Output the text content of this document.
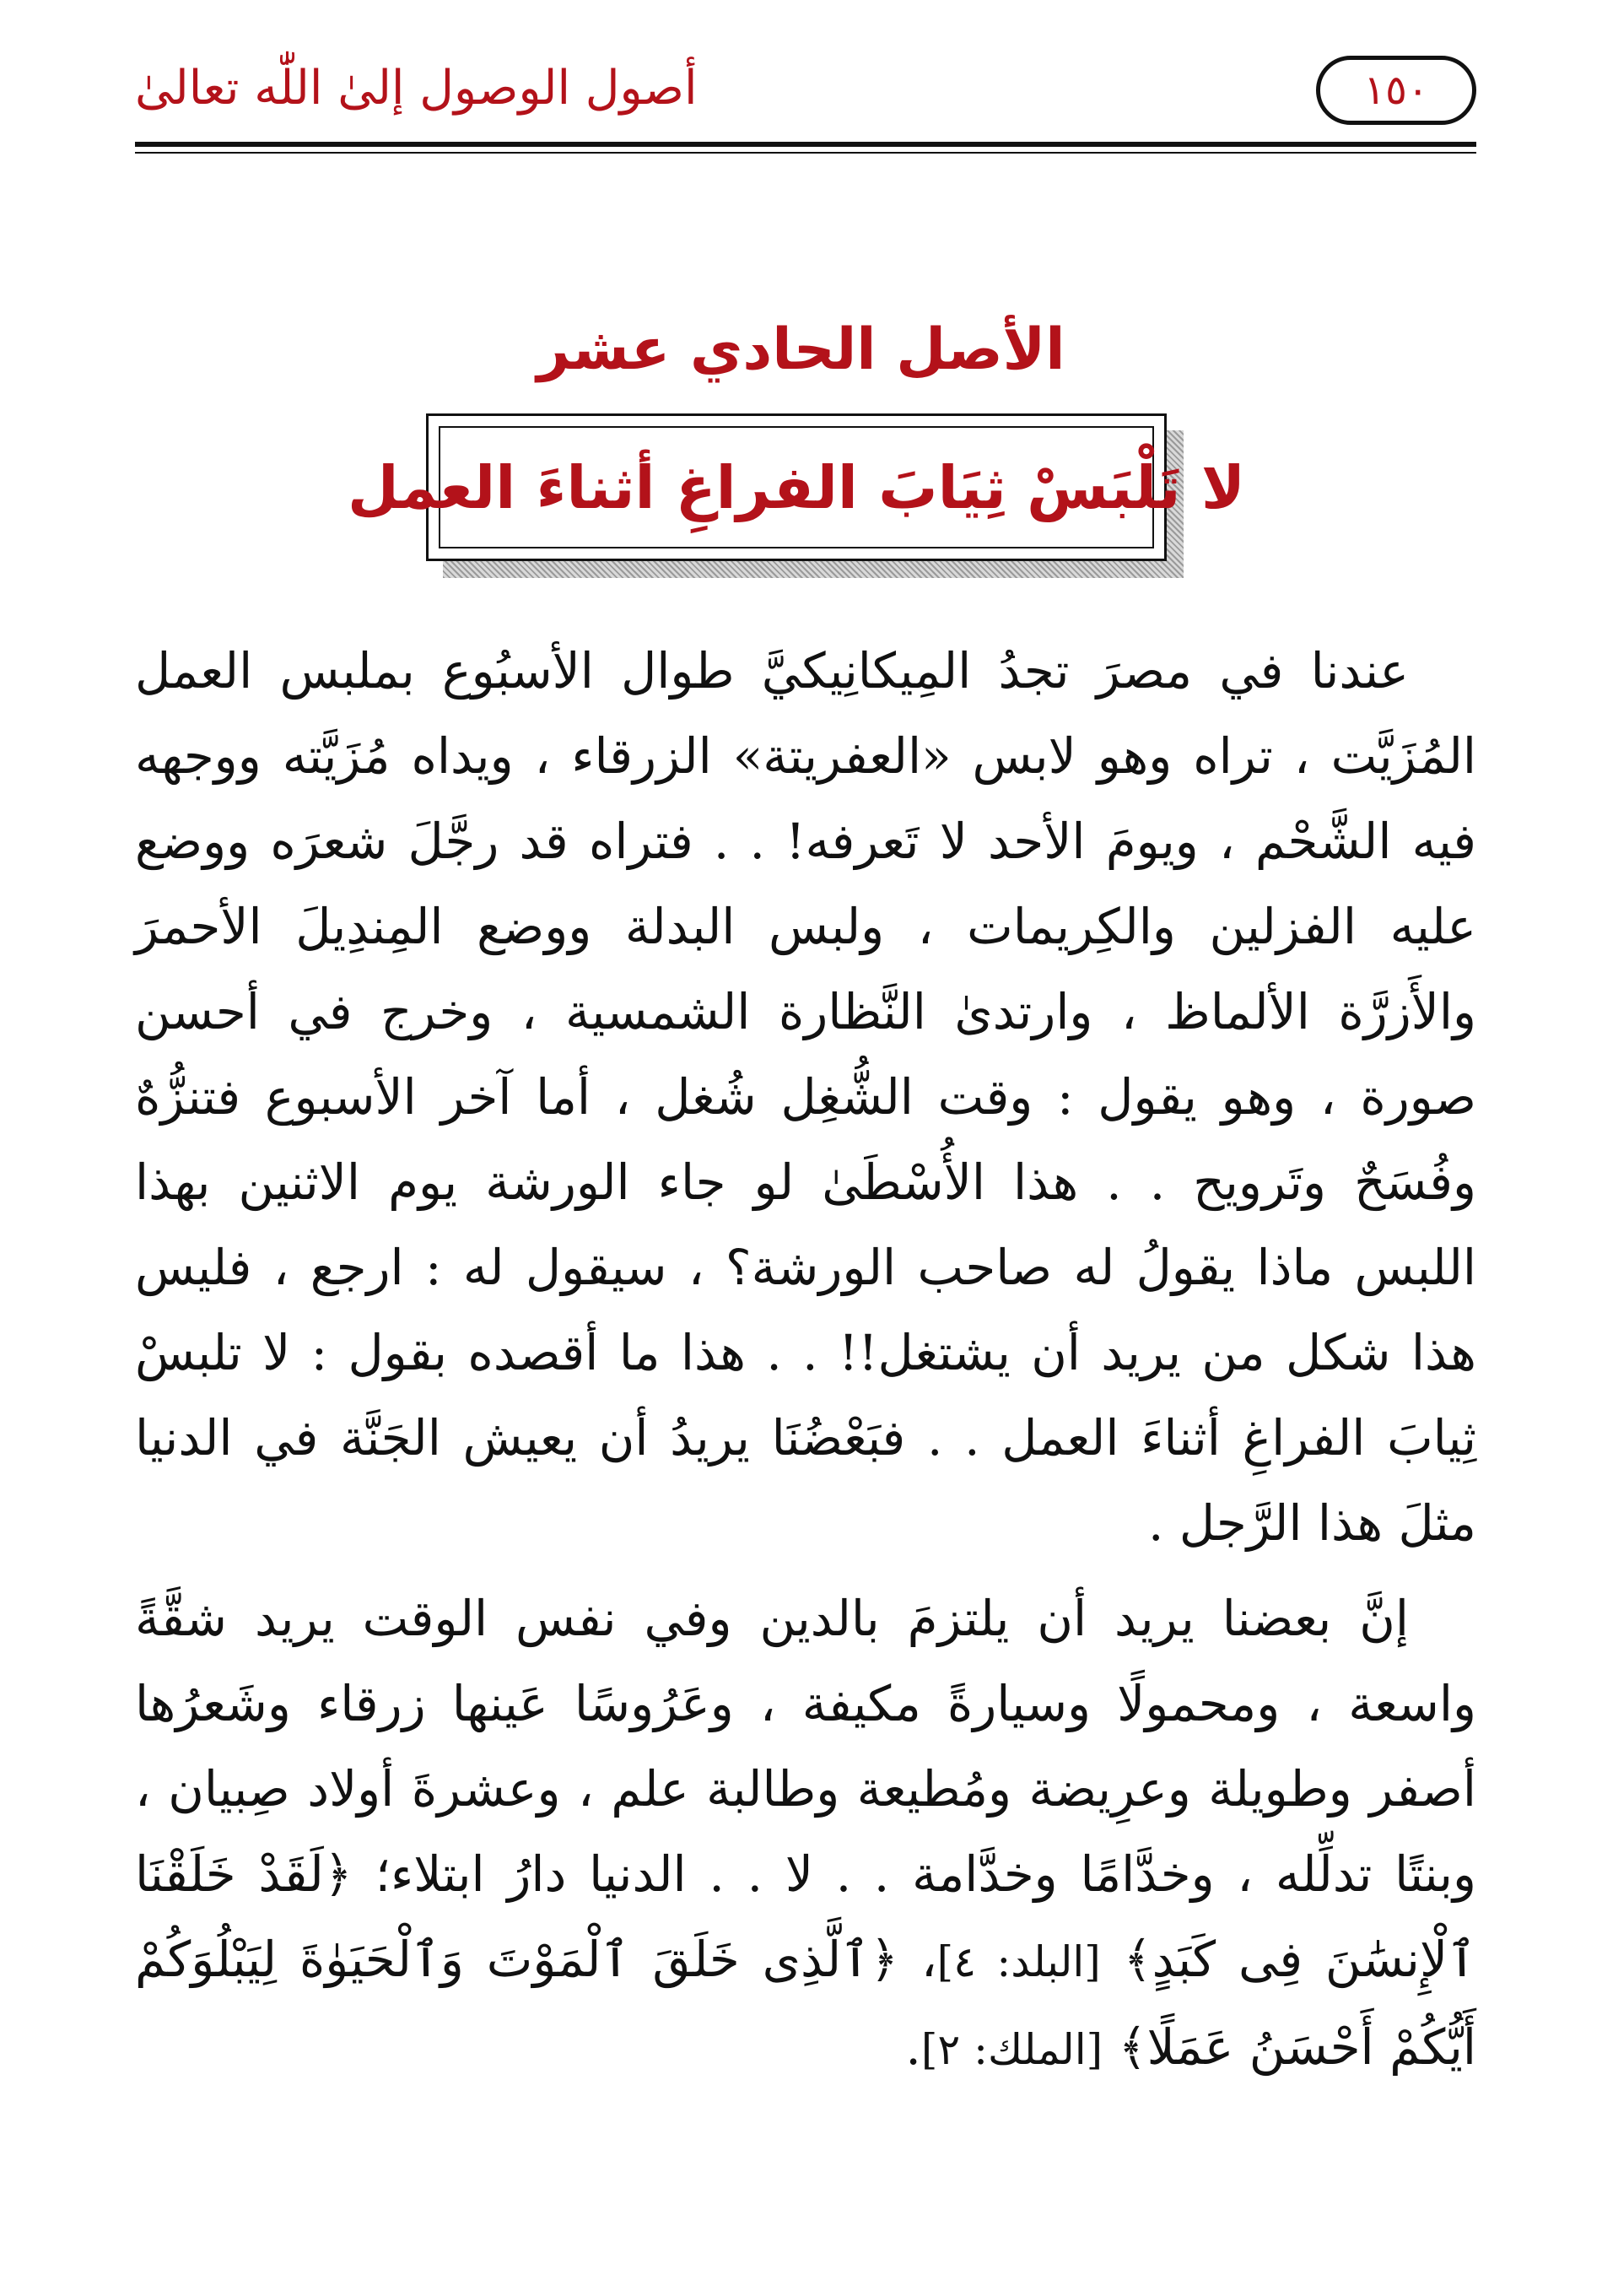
أصول الوصول إلىٰ اللّٰه تعالىٰ	١٥٠
الأصل الحادي عشر
لا تَلْبَسْ ثِيَابَ الفراغِ أثناءَ العمل

عندنا في مصرَ تجدُ المِيكانِيكيَّ طوال الأسبُوع بملبس العمل المُزَيَّت ، تراه وهو لابس «العفريتة» الزرقاء ، ويداه مُزَيَّته ووجهه فيه الشَّحْم ، ويومَ الأحد لا تَعرفه! . . فتراه قد رجَّلَ شعرَه ووضع عليه الفزلين والكِريمات ، ولبس البدلة ووضع المِندِيلَ الأحمرَ والأَزرَّة الألماظ ، وارتدىٰ النَّظارة الشمسية ، وخرج في أحسن صورة ، وهو يقول : وقت الشُّغِل شُغل ، أما آخر الأسبوع فتنزُّهٌ وفُسَحٌ وتَرويح . . هذا الأُسْطَىٰ لو جاء الورشة يوم الاثنين بهذا اللبس ماذا يقولُ له صاحب الورشة؟ ، سيقول له : ارجع ، فليس هذا شكل من يريد أن يشتغل!! . . هذا ما أقصده بقول : لا تلبسْ ثِيابَ الفراغِ أثناءَ العمل . . فبَعْضُنَا يريدُ أن يعيش الجَنَّة في الدنيا مثلَ هذا الرَّجل .

إنَّ بعضنا يريد أن يلتزمَ بالدين وفي نفس الوقت يريد شقَّةً واسعة ، ومحمولًا وسيارةً مكيفة ، وعَرُوسًا عَينها زرقاء وشَعرُها أصفر وطويلة وعرِيضة ومُطيعة وطالبة علم ، وعشرةَ أولاد صِبيان ، وبنتًا تدلِّله ، وخدَّامًا وخدَّامة . . لا . . الدنيا دارُ ابتلاء؛ ﴿لَقَدْ خَلَقْنَا ٱلْإِنسَٰنَ فِى كَبَدٍ﴾ [البلد: ٤]، ﴿ٱلَّذِى خَلَقَ ٱلْمَوْتَ وَٱلْحَيَوٰةَ لِيَبْلُوَكُمْ أَيُّكُمْ أَحْسَنُ عَمَلًا﴾ [الملك: ٢].
